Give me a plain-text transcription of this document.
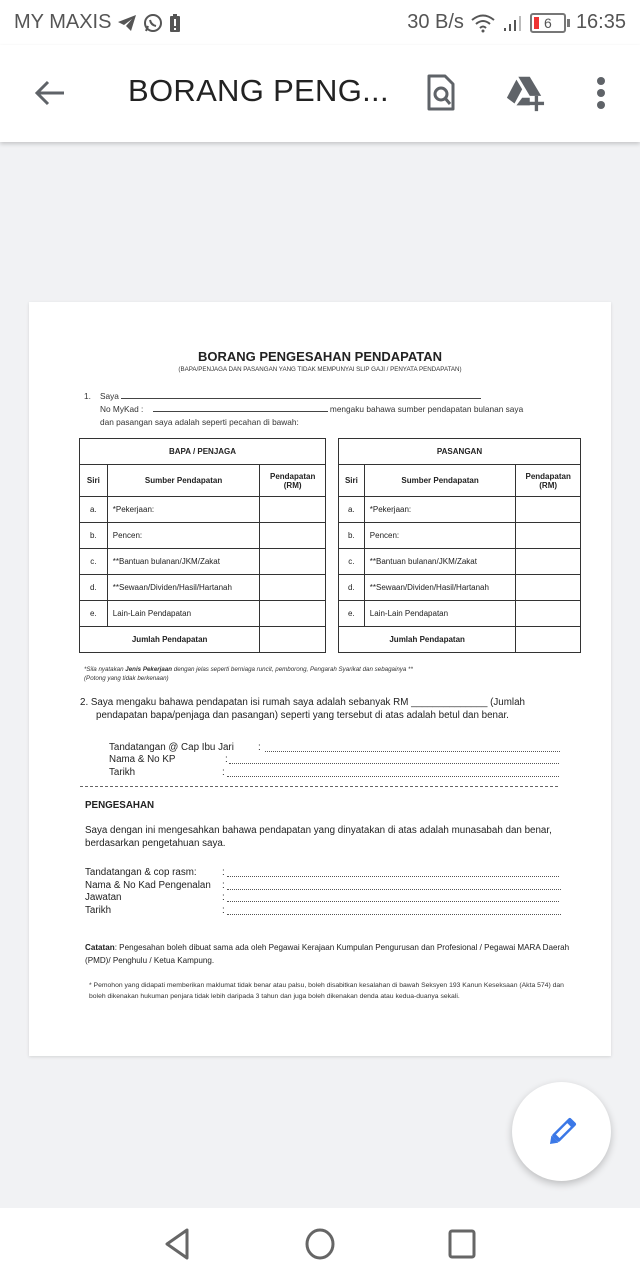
MY MAXIS	30 B/s	6 16:35
BORANG PENG...
BORANG PENGESAHAN PENDAPATAN
(BAPA/PENJAGA DAN PASANGAN YANG TIDAK MEMPUNYAI SLIP GAJI / PENYATA PENDAPATAN)
1. Saya
No MyKad :	mengaku bahawa sumber pendapatan bulanan saya
dan pasangan saya adalah seperti pecahan di bawah:
BAPA / PENJAGA		
Siri	Sumber Pendapatan	Pendapatan (RM)
a.	*Pekerjaan:	
b.	Pencen:	
c.	**Bantuan bulanan/JKM/Zakat	
d.	**Sewaan/Dividen/Hasil/Hartanah	
e.	Lain-Lain Pendapatan	
Jumlah Pendapatan		
PASANGAN		
Siri	Sumber Pendapatan	Pendapatan (RM)
a.	*Pekerjaan:	
b.	Pencen:	
c.	**Bantuan bulanan/JKM/Zakat	
d.	**Sewaan/Dividen/Hasil/Hartanah	
e.	Lain-Lain Pendapatan	
Jumlah Pendapatan		
*Sila nyatakan Jenis Pekerjaan dengan jelas seperti berniaga runcit, pemborong, Pengarah Syarikat dan sebagainya **
(Potong yang tidak berkenaan)
2. Saya mengaku bahawa pendapatan isi rumah saya adalah sebanyak RM ______________ (Jumlah
pendapatan bapa/penjaga dan pasangan) seperti yang tersebut di atas adalah betul dan benar.
Tandatangan @ Cap Ibu Jari :
Nama & No KP	:
Tarikh	:
PENGESAHAN
Saya dengan ini mengesahkan bahawa pendapatan yang dinyatakan di atas adalah munasabah dan benar, berdasarkan pengetahuan saya.
Tandatangan & cop rasm:	:
Nama & No Kad Pengenalan :
Jawatan	:
Tarikh	:
Catatan: Pengesahan boleh dibuat sama ada oleh Pegawai Kerajaan Kumpulan Pengurusan dan Profesional / Pegawai MARA Daerah (PMD)/ Penghulu / Ketua Kampung.
* Pemohon yang didapati memberikan maklumat tidak benar atau palsu, boleh disabitkan kesalahan di bawah Seksyen 193 Kanun Keseksaan (Akta 574) dan boleh dikenakan hukuman penjara tidak lebih daripada 3 tahun dan juga boleh dikenakan denda atau kedua-duanya sekali.
